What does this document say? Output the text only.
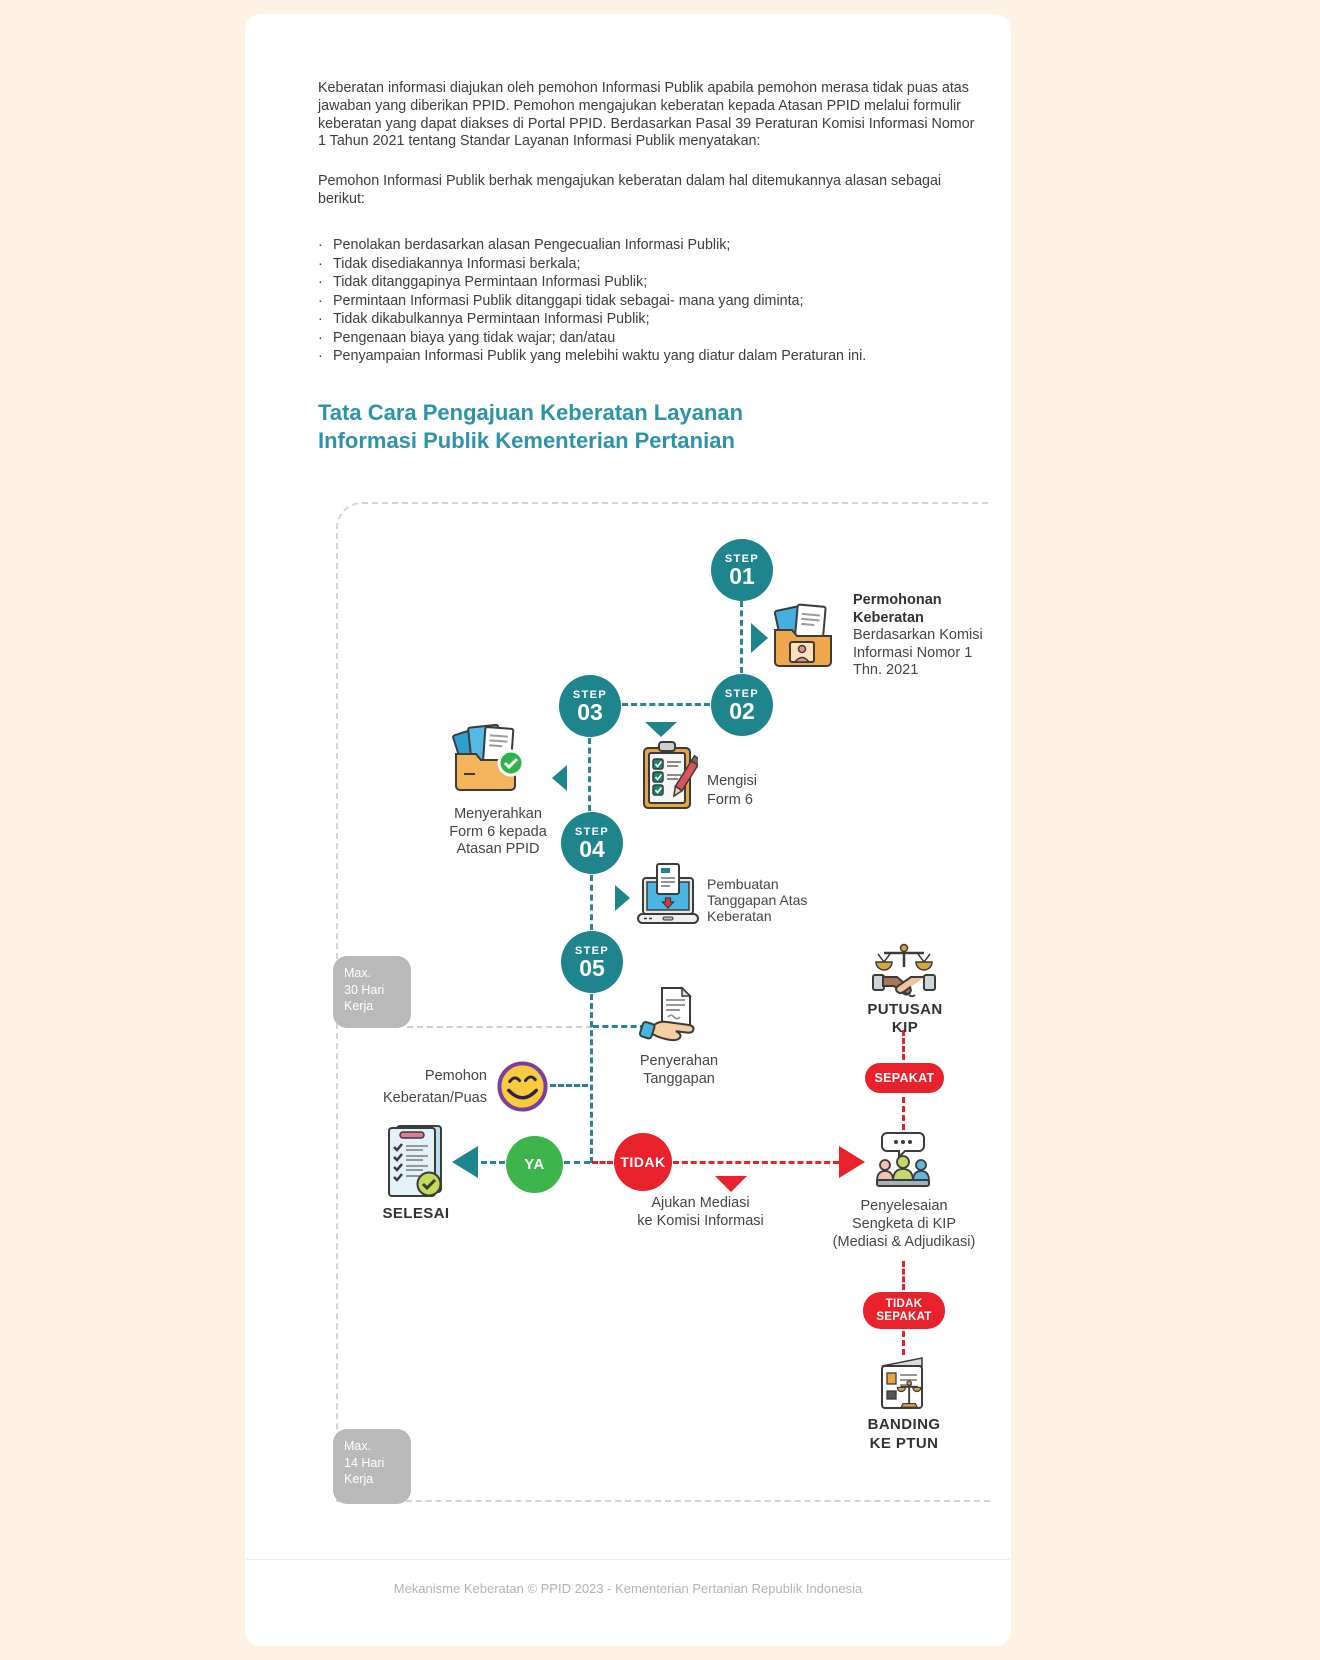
Keberatan informasi diajukan oleh pemohon Informasi Publik apabila pemohon merasa tidak puas atas jawaban yang diberikan PPID. Pemohon mengajukan keberatan kepada Atasan PPID melalui formulir keberatan yang dapat diakses di Portal PPID. Berdasarkan Pasal 39 Peraturan Komisi Informasi Nomor 1 Tahun 2021 tentang Standar Layanan Informasi Publik menyatakan:

Pemohon Informasi Publik berhak mengajukan keberatan dalam hal ditemukannya alasan sebagai berikut:

· Penolakan berdasarkan alasan Pengecualian Informasi Publik;
· Tidak disediakannya Informasi berkala;
· Tidak ditanggapinya Permintaan Informasi Publik;
· Permintaan Informasi Publik ditanggapi tidak sebagai- mana yang diminta;
· Tidak dikabulkannya Permintaan Informasi Publik;
· Pengenaan biaya yang tidak wajar; dan/atau
· Penyampaian Informasi Publik yang melebihi waktu yang diatur dalam Peraturan ini.
Tata Cara Pengajuan Keberatan Layanan
Informasi Publik Kementerian Pertanian
Max.
30 Hari
Kerja
Max.
14 Hari
Kerja
STEP
01
STEP
02
STEP
03
STEP
04
STEP
05
YA	TIDAK
SEPAKAT
TIDAK
SEPAKAT
Permohonan
Keberatan
Berdasarkan Komisi
Informasi Nomor 1
Thn. 2021
Mengisi
Form 6
Menyerahkan
Form 6 kepada
Atasan PPID
Pembuatan
Tanggapan Atas
Keberatan
Penyerahan
Tanggapan
Pemohon
Keberatan/Puas
SELESAI
Ajukan Mediasi
ke Komisi Informasi
PUTUSAN KIP
Penyelesaian
Sengketa di KIP
(Mediasi & Adjudikasi)
BANDING
KE PTUN
Mekanisme Keberatan © PPID 2023 - Kementerian Pertanian Republik Indonesia
